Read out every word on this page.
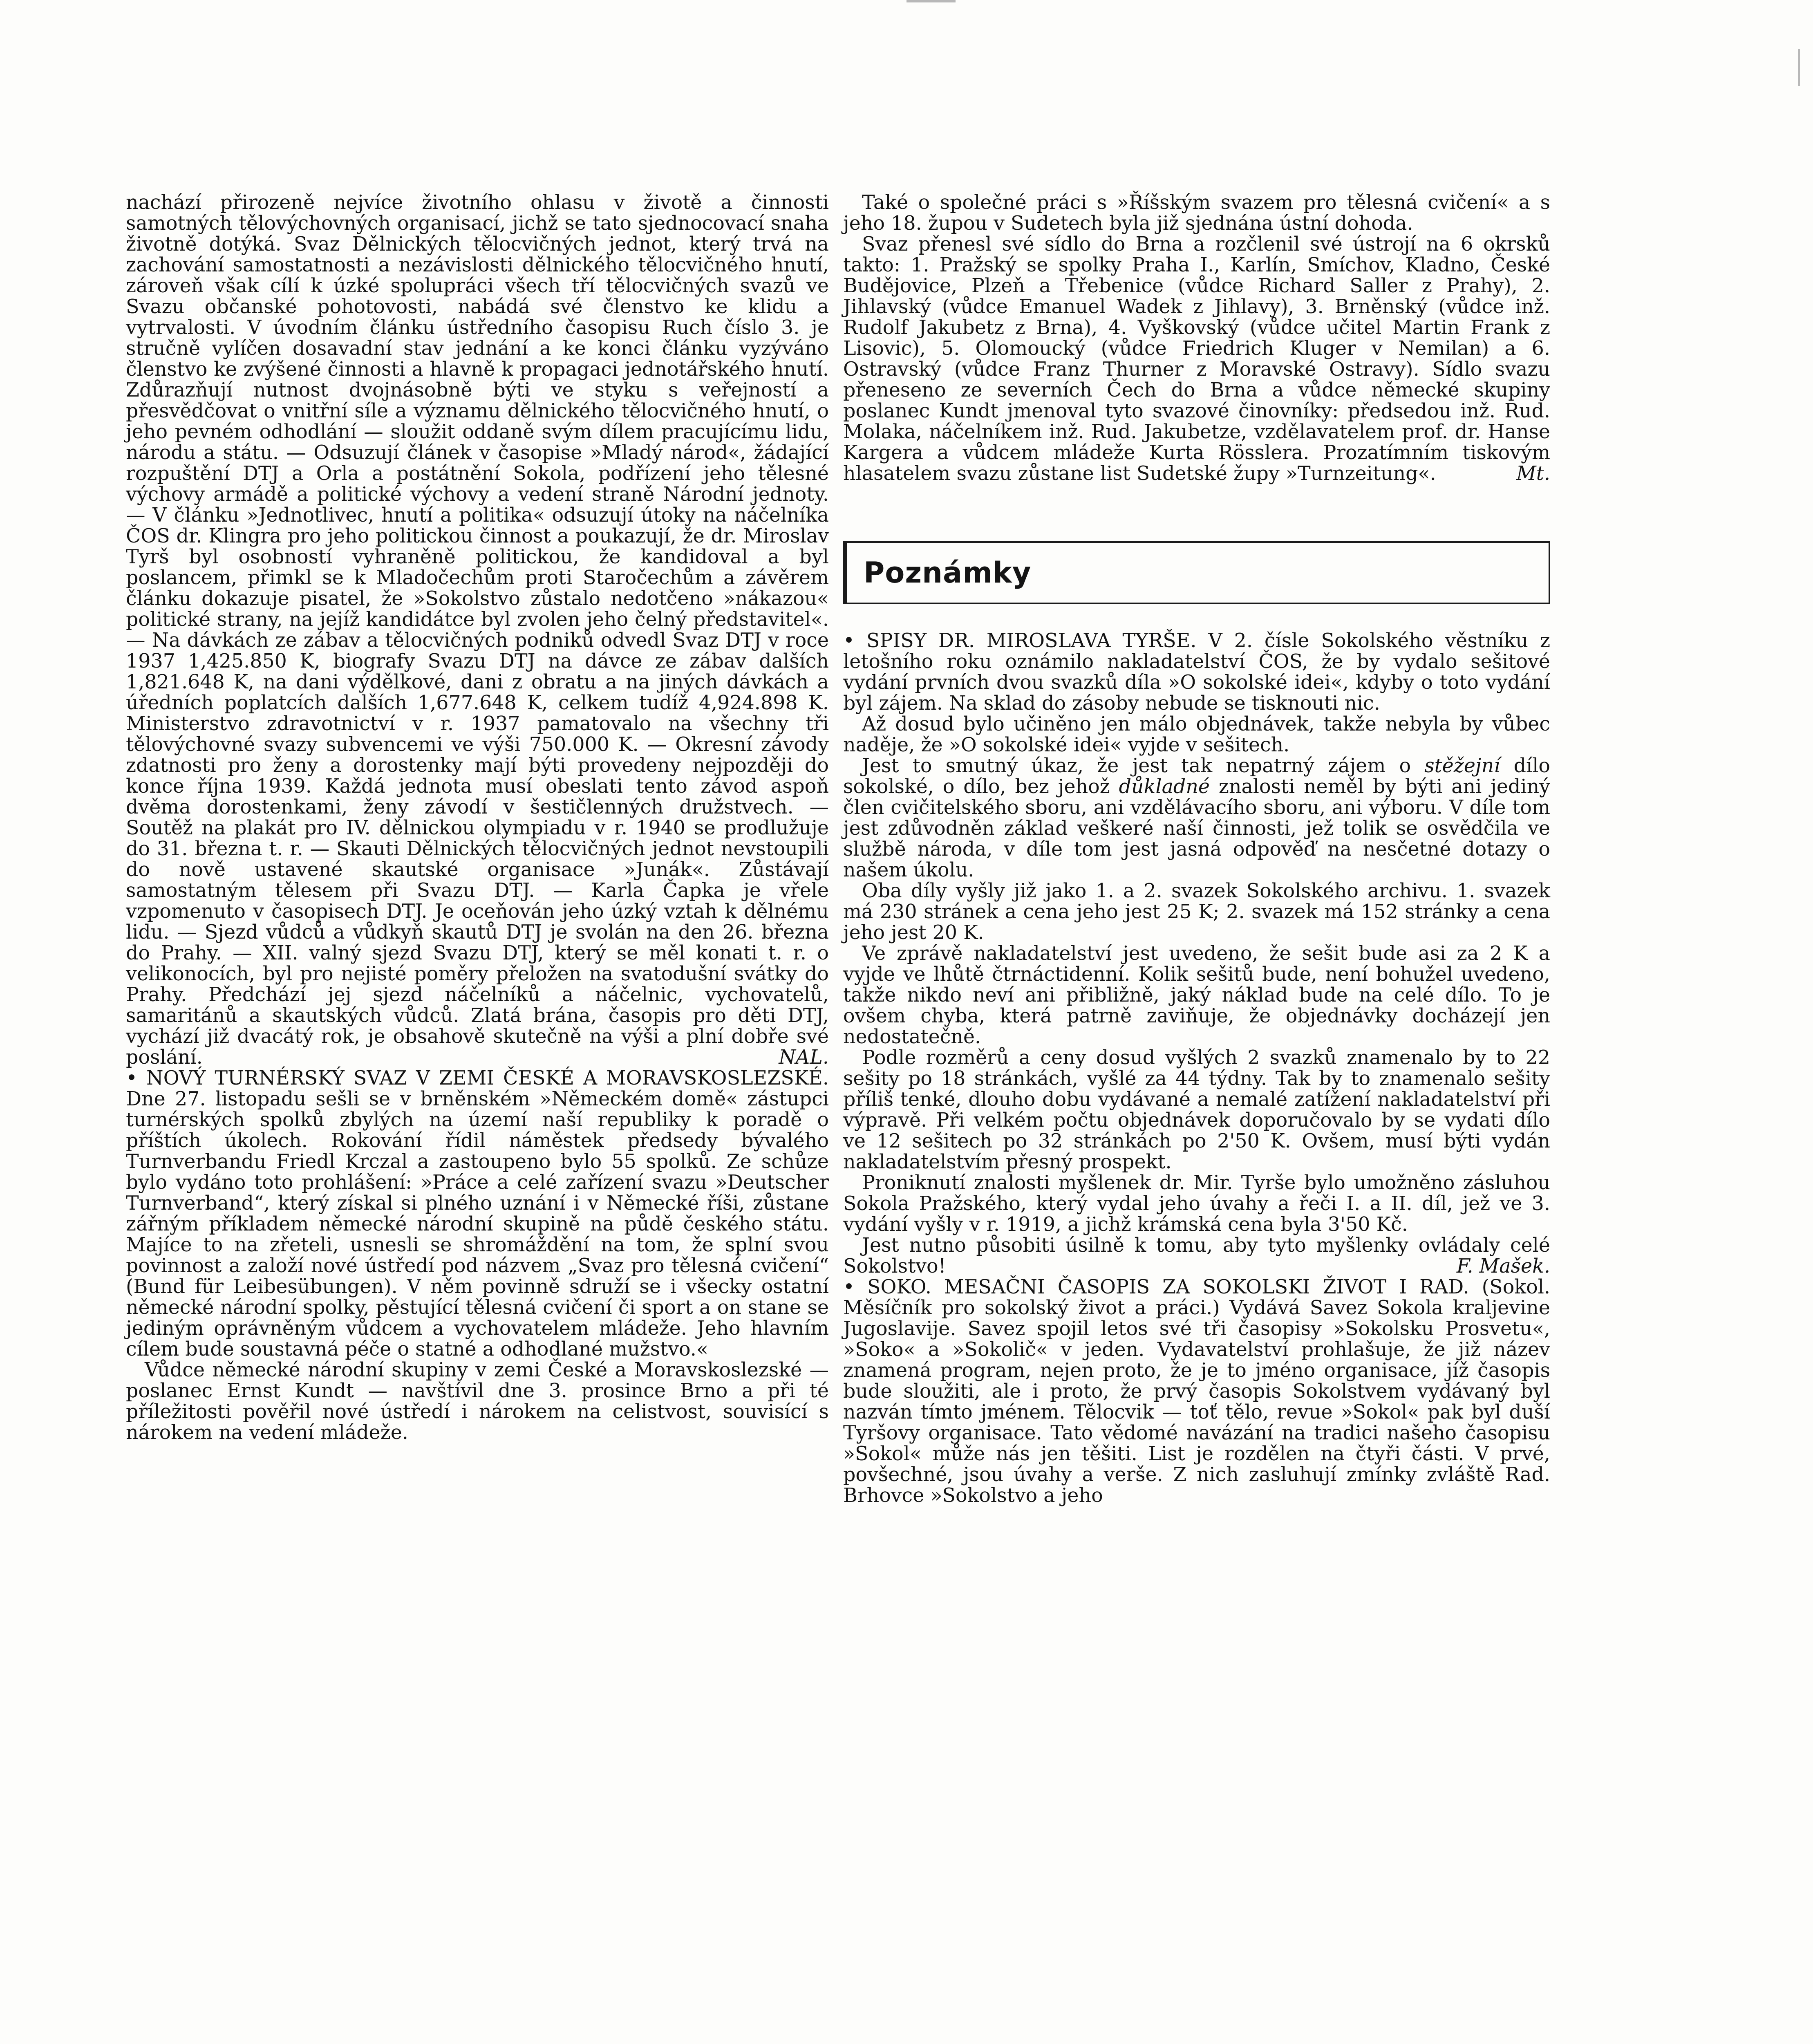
nachází přirozeně nejvíce životního ohlasu v životě a činnosti samotných tělovýchovných organisací, jichž se tato sjednocovací snaha životně dotýká. Svaz Dělnických tělocvičných jednot, který trvá na zachování samostatnosti a nezávislosti dělnického tělocvičného hnutí, zároveň však cílí k úzké spolupráci všech tří tělocvičných svazů ve Svazu občanské pohotovosti, nabádá své členstvo ke klidu a vytrvalosti. V úvodním článku ústředního časopisu Ruch číslo 3. je stručně vylíčen dosavadní stav jednání a ke konci článku vyzýváno členstvo ke zvýšené činnosti a hlavně k propagaci jednotářského hnutí. Zdůrazňují nutnost dvojnásobně býti ve styku s veřejností a přesvědčovat o vnitřní síle a významu dělnického tělocvičného hnutí, o jeho pevném odhodlání — sloužit oddaně svým dílem pracujícímu lidu, národu a státu. — Odsuzují článek v časopise »Mladý národ«, žádající rozpuštění DTJ a Orla a postátnění Sokola, podřízení jeho tělesné výchovy armádě a politické výchovy a vedení straně Národní jednoty. — V článku »Jednotlivec, hnutí a politika« odsuzují útoky na náčelníka ČOS dr. Klingra pro jeho politickou činnost a poukazují, že dr. Miroslav Tyrš byl osobností vyhraněně politickou, že kandidoval a byl poslancem, přimkl se k Mladočechům proti Staročechům a závěrem článku dokazuje pisatel, že »Sokolstvo zůstalo nedotčeno »nákazou« politické strany, na jejíž kandidátce byl zvolen jeho čelný představitel«. — Na dávkách ze zábav a tělocvičných podniků odvedl Svaz DTJ v roce 1937 1,425.850 K, biografy Svazu DTJ na dávce ze zábav dalších 1,821.648 K, na dani výdělkové, dani z obratu a na jiných dávkách a úředních poplatcích dalších 1,677.648 K, celkem tudíž 4,924.898 K. Ministerstvo zdravotnictví v r. 1937 pamatovalo na všechny tři tělovýchovné svazy subvencemi ve výši 750.000 K. — Okresní závody zdatnosti pro ženy a dorostenky mají býti provedeny nejpozději do konce října 1939. Každá jednota musí obeslati tento závod aspoň dvěma dorostenkami, ženy závodí v šestičlenných družstvech. — Soutěž na plakát pro IV. dělnickou olympiadu v r. 1940 se prodlužuje do 31. března t. r. — Skauti Dělnických tělocvičných jednot nevstoupili do nově ustavené skautské organisace »Junák«. Zůstávají samostatným tělesem při Svazu DTJ. — Karla Čapka je vřele vzpomenuto v časopisech DTJ. Je oceňován jeho úzký vztah k dělnému lidu. — Sjezd vůdců a vůdkyň skautů DTJ je svolán na den 26. března do Prahy. — XII. valný sjezd Svazu DTJ, který se měl konati t. r. o velikonocích, byl pro nejisté poměry přeložen na svatodušní svátky do Prahy. Předchází jej sjezd náčelníků a náčelnic, vychovatelů, samaritánů a skautských vůdců. Zlatá brána, časopis pro děti DTJ, vychází již dvacátý rok, je obsahově skutečně na výši a plní dobře své poslání.	NAL.

• NOVÝ TURNÉRSKÝ SVAZ V ZEMI ČESKÉ A MORAVSKOSLEZSKÉ. Dne 27. listopadu sešli se v brněnském »Německém domě« zástupci turnérských spolků zbylých na území naší republiky k poradě o příštích úkolech. Rokování řídil náměstek předsedy bývalého Turnverbandu Friedl Krczal a zastoupeno bylo 55 spolků. Ze schůze bylo vydáno toto prohlášení: »Práce a celé zařízení svazu »Deutscher Turnverband“, který získal si plného uznání i v Německé říši, zůstane zářným příkladem německé národní skupině na půdě českého státu. Majíce to na zřeteli, usnesli se shromáždění na tom, že splní svou povinnost a založí nové ústředí pod názvem „Svaz pro tělesná cvičení“ (Bund für Leibesübungen). V něm povinně sdruží se i všecky ostatní německé národní spolky, pěstující tělesná cvičení či sport a on stane se jediným oprávněným vůdcem a vychovatelem mládeže. Jeho hlavním cílem bude soustavná péče o statné a odhodlané mužstvo.«

Vůdce německé národní skupiny v zemi České a Moravskoslezské — poslanec Ernst Kundt — navštívil dne 3. prosince Brno a při té příležitosti pověřil nové ústředí i nárokem na celistvost, souvisící s nárokem na vedení mládeže.

Také o společné práci s »Říšským svazem pro tělesná cvičení« a s jeho 18. župou v Sudetech byla již sjednána ústní dohoda.

Svaz přenesl své sídlo do Brna a rozčlenil své ústrojí na 6 okrsků takto: 1. Pražský se spolky Praha I., Karlín, Smíchov, Kladno, České Budějovice, Plzeň a Třebenice (vůdce Richard Saller z Prahy), 2. Jihlavský (vůdce Emanuel Wadek z Jihlavy), 3. Brněnský (vůdce inž. Rudolf Jakubetz z Brna), 4. Vyškovský (vůdce učitel Martin Frank z Lisovic), 5. Olomoucký (vůdce Friedrich Kluger v Nemilan) a 6. Ostravský (vůdce Franz Thurner z Moravské Ostravy). Sídlo svazu přeneseno ze severních Čech do Brna a vůdce německé skupiny poslanec Kundt jmenoval tyto svazové činovníky: předsedou inž. Rud. Molaka, náčelníkem inž. Rud. Jakubetze, vzdělavatelem prof. dr. Hanse Kargera a vůdcem mládeže Kurta Rösslera. Prozatímním tiskovým hlasatelem svazu zůstane list Sudetské župy »Turnzeitung«.	Mt.

Poznámky

• SPISY DR. MIROSLAVA TYRŠE. V 2. čísle Sokolského věstníku z letošního roku oznámilo nakladatelství ČOS, že by vydalo sešitové vydání prvních dvou svazků díla »O sokolské idei«, kdyby o toto vydání byl zájem. Na sklad do zásoby nebude se tisknouti nic.

Až dosud bylo učiněno jen málo objednávek, takže nebyla by vůbec naděje, že »O sokolské idei« vyjde v sešitech.

Jest to smutný úkaz, že jest tak nepatrný zájem o stěžejní dílo sokolské, o dílo, bez jehož důkladné znalosti neměl by býti ani jediný člen cvičitelského sboru, ani vzdělávacího sboru, ani výboru. V díle tom jest zdůvodněn základ veškeré naší činnosti, jež tolik se osvědčila ve službě národa, v díle tom jest jasná odpověď na nesčetné dotazy o našem úkolu.

Oba díly vyšly již jako 1. a 2. svazek Sokolského archivu. 1. svazek má 230 stránek a cena jeho jest 25 K; 2. svazek má 152 stránky a cena jeho jest 20 K.

Ve zprávě nakladatelství jest uvedeno, že sešit bude asi za 2 K a vyjde ve lhůtě čtrnáctidenní. Kolik sešitů bude, není bohužel uvedeno, takže nikdo neví ani přibližně, jaký náklad bude na celé dílo. To je ovšem chyba, která patrně zaviňuje, že objednávky docházejí jen nedostatečně.

Podle rozměrů a ceny dosud vyšlých 2 svazků znamenalo by to 22 sešity po 18 stránkách, vyšlé za 44 týdny. Tak by to znamenalo sešity příliš tenké, dlouho dobu vydávané a nemalé zatížení nakladatelství při výpravě. Při velkém počtu objednávek doporučovalo by se vydati dílo ve 12 sešitech po 32 stránkách po 2'50 K. Ovšem, musí býti vydán nakladatelstvím přesný prospekt.

Proniknutí znalosti myšlenek dr. Mir. Tyrše bylo umožněno zásluhou Sokola Pražského, který vydal jeho úvahy a řeči I. a II. díl, jež ve 3. vydání vyšly v r. 1919, a jichž krámská cena byla 3'50 Kč.

Jest nutno působiti úsilně k tomu, aby tyto myšlenky ovládaly celé Sokolstvo!	F. Mašek.

• SOKO. MESAČNI ČASOPIS ZA SOKOLSKI ŽIVOT I RAD. (Sokol. Měsíčník pro sokolský život a práci.) Vydává Savez Sokola kraljevine Jugoslavije. Savez spojil letos své tři časopisy »Sokolsku Prosvetu«, »Soko« a »Sokolič« v jeden. Vydavatelství prohlašuje, že již název znamená program, nejen proto, že je to jméno organisace, jíž časopis bude sloužiti, ale i proto, že prvý časopis Sokolstvem vydávaný byl nazván tímto jménem. Tělocvik — toť tělo, revue »Sokol« pak byl duší Tyršovy organisace. Tato vědomé navázání na tradici našeho časopisu »Sokol« může nás jen těšiti. List je rozdělen na čtyři části. V prvé, povšechné, jsou úvahy a verše. Z nich zasluhují zmínky zvláště Rad. Brhovce »Sokolstvo a jeho
